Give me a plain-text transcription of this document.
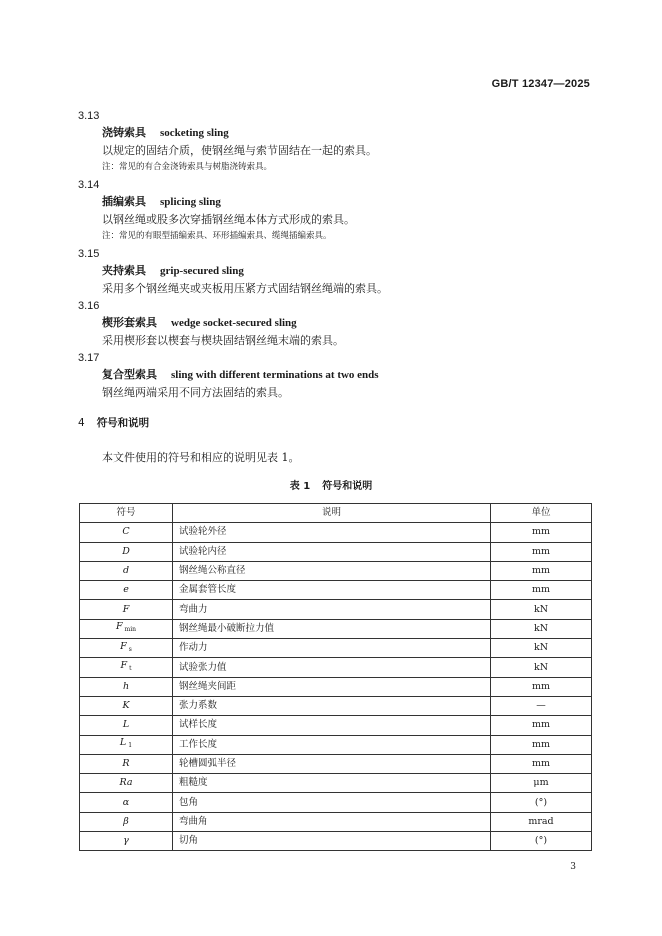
GB/T 12347—2025
3.13
浇铸索具 socketing sling
以规定的固结介质，使钢丝绳与索节固结在一起的索具。
注：常见的有合金浇铸索具与树脂浇铸索具。
3.14
插编索具 splicing sling
以钢丝绳或股多次穿插钢丝绳本体方式形成的索具。
注：常见的有眼型插编索具、环形插编索具、缆绳插编索具。
3.15
夹持索具 grip-secured sling
采用多个钢丝绳夹或夹板用压紧方式固结钢丝绳端的索具。
3.16
楔形套索具 wedge socket-secured sling
采用楔形套以楔套与楔块固结钢丝绳末端的索具。
3.17
复合型索具 sling with different terminations at two ends
钢丝绳两端采用不同方法固结的索具。
4 符号和说明
本文件使用的符号和相应的说明见表 1。
表 1 符号和说明
符号	说明	单位
C	试验轮外径	mm
D	试验轮内径	mm
d	钢丝绳公称直径	mm
e	金属套管长度	mm
F	弯曲力	kN
F $_{min}$	钢丝绳最小破断拉力值	kN
F $_s$	作动力	kN
F $_t$	试验张力值	kN
h	钢丝绳夹间距	mm
K	张力系数	—
L	试样长度	mm
L $_1$	工作长度	mm
R	轮槽圆弧半径	mm
Ra	粗糙度	μm
α	包角	(°)
β	弯曲角	mrad
γ	切角	(°)
3
